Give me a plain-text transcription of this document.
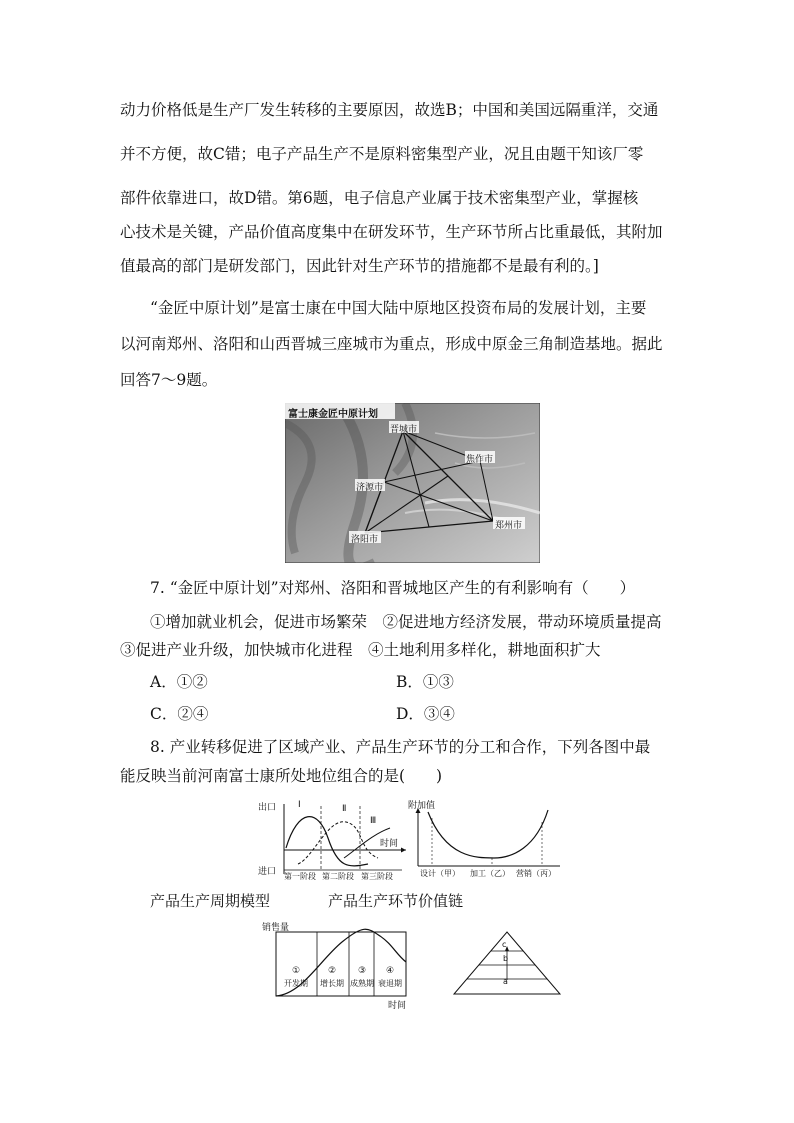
动力价格低是生产厂发生转移的主要原因，故选B；中国和美国远隔重洋，交通
并不方便，故C错；电子产品生产不是原料密集型产业，况且由题干知该厂零
部件依靠进口，故D错。第6题，电子信息产业属于技术密集型产业，掌握核
心技术是关键，产品价值高度集中在研发环节，生产环节所占比重最低，其附加
值最高的部门是研发部门，因此针对生产环节的措施都不是最有利的。]
“金匠中原计划”是富士康在中国大陆中原地区投资布局的发展计划，主要
以河南郑州、洛阳和山西晋城三座城市为重点，形成中原金三角制造基地。据此
回答7～9题。
富士康金匠中原计划
晋城市
焦作市
济源市
郑州市
洛阳市
7. “金匠中原计划”对郑州、洛阳和晋城地区产生的有利影响有（　　）
①增加就业机会，促进市场繁荣　②促进地方经济发展，带动环境质量提高
③促进产业升级，加快城市化进程　④土地利用多样化，耕地面积扩大
A．①②	B．①③
C．②④	D．③④
8. 产业转移促进了区域产业、产品生产环节的分工和合作，下列各图中最
能反映当前河南富士康所处地位组合的是(　　)
出口
进口
时间
Ⅰ	Ⅱ
Ⅲ
第一阶段 第二阶段 第三阶段
附加值
设计（甲） 加工（乙） 营销（丙）
产品生产周期模型	产品生产环节价值链
销售量
时间
①
开发期
②
增长期
③
成熟期
④
衰退期
c
b
a
